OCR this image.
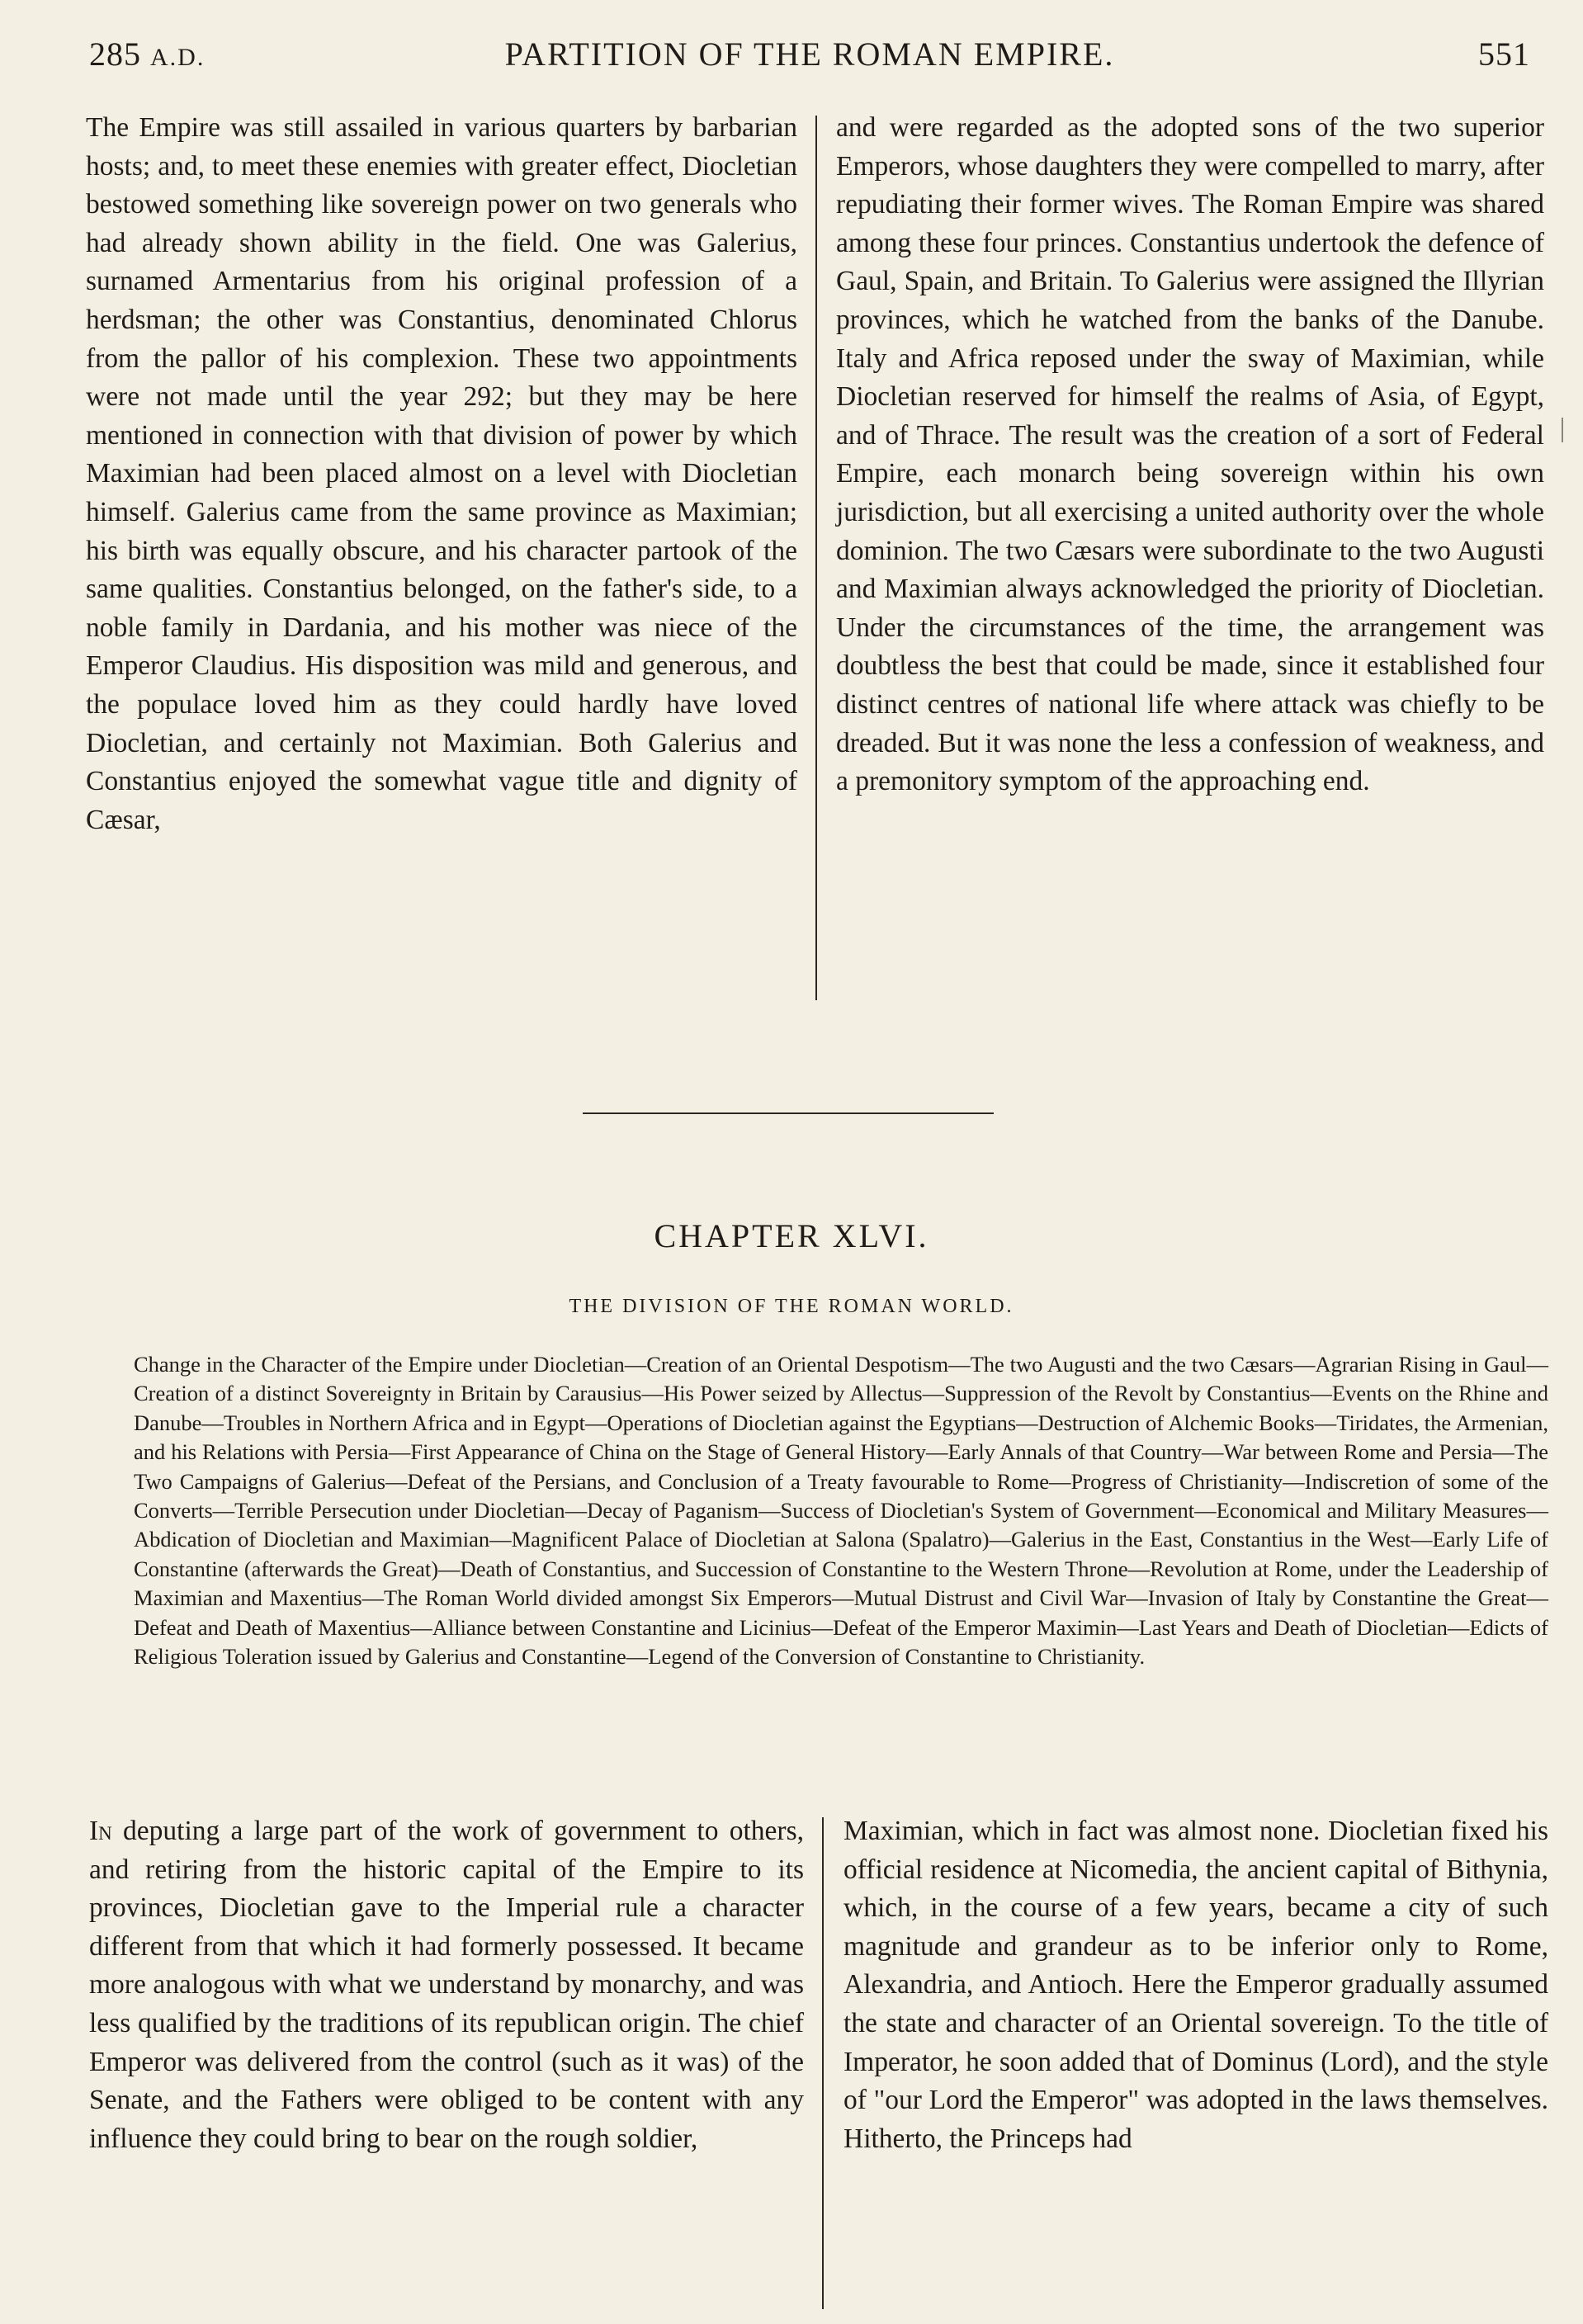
285 A.D.	PARTITION OF THE ROMAN EMPIRE.	551

The Empire was still assailed in various quarters by barbarian hosts; and, to meet these enemies with greater effect, Diocletian bestowed something like sovereign power on two generals who had already shown ability in the field. One was Galerius, surnamed Armentarius from his original profession of a herdsman; the other was Constantius, denominated Chlorus from the pallor of his complexion. These two appointments were not made until the year 292; but they may be here mentioned in connection with that division of power by which Maximian had been placed almost on a level with Diocletian himself. Galerius came from the same province as Maximian; his birth was equally obscure, and his character partook of the same qualities. Constantius belonged, on the father's side, to a noble family in Dardania, and his mother was niece of the Emperor Claudius. His disposition was mild and generous, and the populace loved him as they could hardly have loved Diocletian, and certainly not Maximian. Both Galerius and Constantius enjoyed the somewhat vague title and dignity of Cæsar,

and were regarded as the adopted sons of the two superior Emperors, whose daughters they were compelled to marry, after repudiating their former wives. The Roman Empire was shared among these four princes. Constantius undertook the defence of Gaul, Spain, and Britain. To Galerius were assigned the Illyrian provinces, which he watched from the banks of the Danube. Italy and Africa reposed under the sway of Maximian, while Diocletian reserved for himself the realms of Asia, of Egypt, and of Thrace. The result was the creation of a sort of Federal Empire, each monarch being sovereign within his own jurisdiction, but all exercising a united authority over the whole dominion. The two Cæsars were subordinate to the two Augusti and Maximian always acknowledged the priority of Diocletian. Under the circumstances of the time, the arrangement was doubtless the best that could be made, since it established four distinct centres of national life where attack was chiefly to be dreaded. But it was none the less a confession of weakness, and a premonitory symptom of the approaching end.

CHAPTER XLVI.
THE DIVISION OF THE ROMAN WORLD.

Change in the Character of the Empire under Diocletian—Creation of an Oriental Despotism—The two Augusti and the two Cæsars—Agrarian Rising in Gaul—Creation of a distinct Sovereignty in Britain by Carausius—His Power seized by Allectus—Suppression of the Revolt by Constantius—Events on the Rhine and Danube—Troubles in Northern Africa and in Egypt—Operations of Diocletian against the Egyptians—Destruction of Alchemic Books—Tiridates, the Armenian, and his Relations with Persia—First Appearance of China on the Stage of General History—Early Annals of that Country—War between Rome and Persia—The Two Campaigns of Galerius—Defeat of the Persians, and Conclusion of a Treaty favourable to Rome—Progress of Christianity—Indiscretion of some of the Converts—Terrible Persecution under Diocletian—Decay of Paganism—Success of Diocletian's System of Government—Economical and Military Measures—Abdication of Diocletian and Maximian—Magnificent Palace of Diocletian at Salona (Spalatro)—Galerius in the East, Constantius in the West—Early Life of Constantine (afterwards the Great)—Death of Constantius, and Succession of Constantine to the Western Throne—Revolution at Rome, under the Leadership of Maximian and Maxentius—The Roman World divided amongst Six Emperors—Mutual Distrust and Civil War—Invasion of Italy by Constantine the Great—Defeat and Death of Maxentius—Alliance between Constantine and Licinius—Defeat of the Emperor Maximin—Last Years and Death of Diocletian—Edicts of Religious Toleration issued by Galerius and Constantine—Legend of the Conversion of Constantine to Christianity.

In deputing a large part of the work of government to others, and retiring from the historic capital of the Empire to its provinces, Diocletian gave to the Imperial rule a character different from that which it had formerly possessed. It became more analogous with what we understand by monarchy, and was less qualified by the traditions of its republican origin. The chief Emperor was delivered from the control (such as it was) of the Senate, and the Fathers were obliged to be content with any influence they could bring to bear on the rough soldier,

Maximian, which in fact was almost none. Diocletian fixed his official residence at Nicomedia, the ancient capital of Bithynia, which, in the course of a few years, became a city of such magnitude and grandeur as to be inferior only to Rome, Alexandria, and Antioch. Here the Emperor gradually assumed the state and character of an Oriental sovereign. To the title of Imperator, he soon added that of Dominus (Lord), and the style of "our Lord the Emperor" was adopted in the laws themselves. Hitherto, the Princeps had
